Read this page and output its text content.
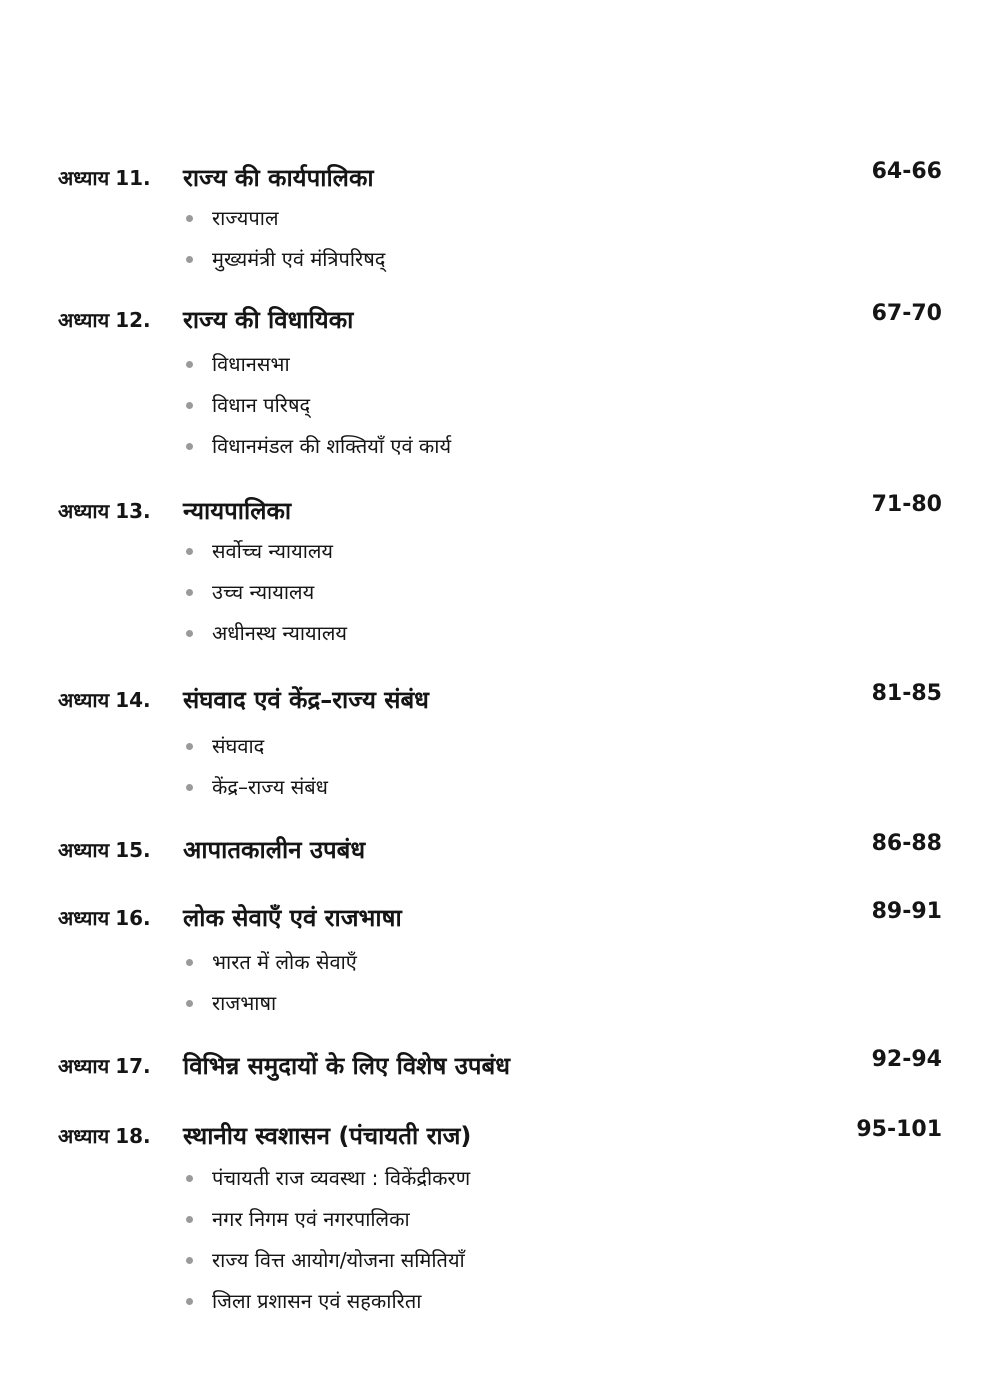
अध्याय 11. राज्य की कार्यपालिका	64-66
राज्यपाल
मुख्यमंत्री एवं मंत्रिपरिषद्
अध्याय 12. राज्य की विधायिका	67-70
विधानसभा
विधान परिषद्
विधानमंडल की शक्तियाँ एवं कार्य
अध्याय 13. न्यायपालिका	71-80
सर्वोच्च न्यायालय
उच्च न्यायालय
अधीनस्थ न्यायालय
अध्याय 14. संघवाद एवं केंद्र–राज्य संबंध	81-85
संघवाद
केंद्र–राज्य संबंध
अध्याय 15. आपातकालीन उपबंध	86-88
अध्याय 16. लोक सेवाएँ एवं राजभाषा	89-91
भारत में लोक सेवाएँ
राजभाषा
अध्याय 17. विभिन्न समुदायों के लिए विशेष उपबंध	92-94
अध्याय 18. स्थानीय स्वशासन (पंचायती राज)	95-101
पंचायती राज व्यवस्था : विकेंद्रीकरण
नगर निगम एवं नगरपालिका
राज्य वित्त आयोग/योजना समितियाँ
जिला प्रशासन एवं सहकारिता
